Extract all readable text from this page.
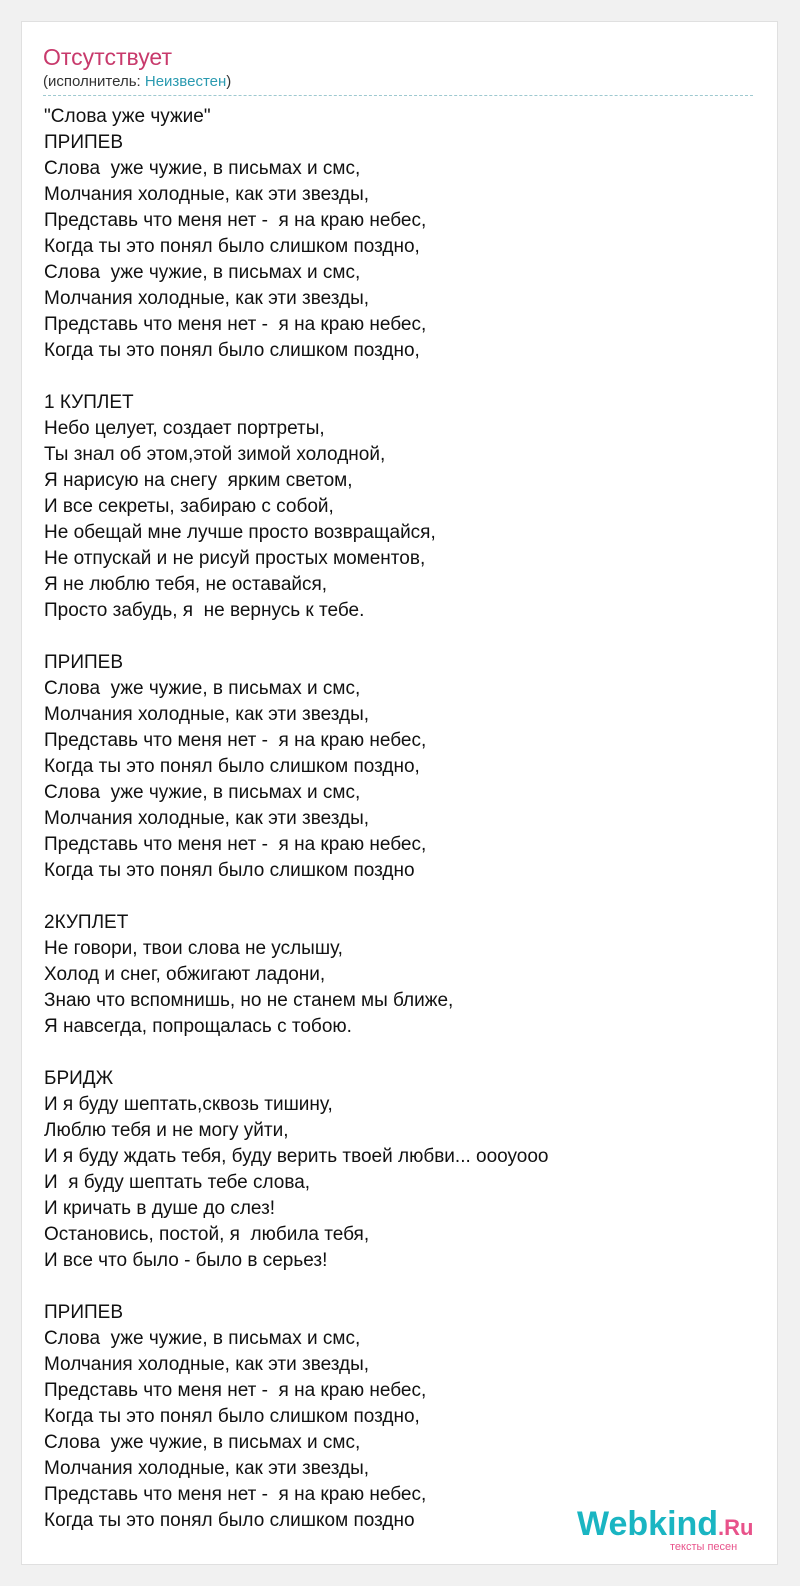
Отсутствует
(исполнитель: Неизвестен)
"Слова уже чужие"
ПРИПЕВ
Слова  уже чужие, в письмах и смс,
Молчания холодные, как эти звезды,
Представь что меня нет -  я на краю небес,
Когда ты это понял было слишком поздно,
Слова  уже чужие, в письмах и смс,
Молчания холодные, как эти звезды,
Представь что меня нет -  я на краю небес,
Когда ты это понял было слишком поздно,
1 КУПЛЕТ
Небо целует, создает портреты,
Ты знал об этом,этой зимой холодной,
Я нарисую на снегу  ярким светом,
И все секреты, забираю с собой,
Не обещай мне лучше просто возвращайся,
Не отпускай и не рисуй простых моментов,
Я не люблю тебя, не оставайся,
Просто забудь, я  не вернусь к тебе.
ПРИПЕВ
Слова  уже чужие, в письмах и смс,
Молчания холодные, как эти звезды,
Представь что меня нет -  я на краю небес,
Когда ты это понял было слишком поздно,
Слова  уже чужие, в письмах и смс,
Молчания холодные, как эти звезды,
Представь что меня нет -  я на краю небес,
Когда ты это понял было слишком поздно
2КУПЛЕТ
Не говори, твои слова не услышу,
Холод и снег, обжигают ладони,
Знаю что вспомнишь, но не станем мы ближе,
Я навсегда, попрощалась с тобою.
БРИДЖ
И я буду шептать,сквозь тишину,
Люблю тебя и не могу уйти,
И я буду ждать тебя, буду верить твоей любви... оооуооо
И  я буду шептать тебе слова,
И кричать в душе до слез!
Остановись, постой, я  любила тебя,
И все что было - было в серьез!
ПРИПЕВ
Слова  уже чужие, в письмах и смс,
Молчания холодные, как эти звезды,
Представь что меня нет -  я на краю небес,
Когда ты это понял было слишком поздно,
Слова  уже чужие, в письмах и смс,
Молчания холодные, как эти звезды,
Представь что меня нет -  я на краю небес,
Когда ты это понял было слишком поздно	Webkind.Ru
тексты песен
